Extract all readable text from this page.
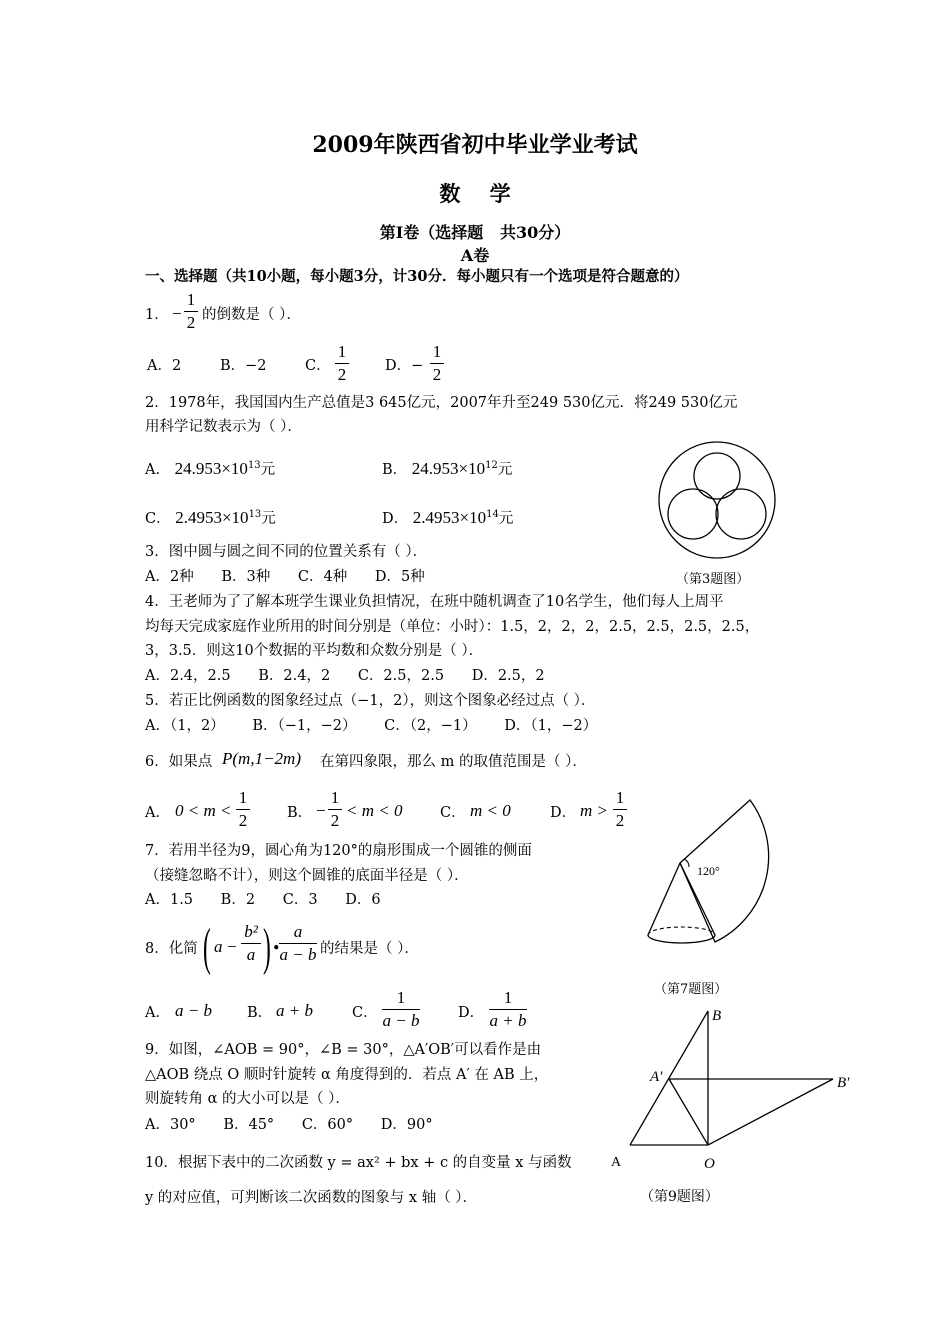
2009年陕西省初中毕业学业考试
数    学
第Ⅰ卷（选择题   共30分）
A卷
一、选择题（共10小题，每小题3分，计30分．每小题只有一个选项是符合题意的）
1． −
1
2 的倒数是（ ）．
A．2	B．−2	C．
1
2	D．−
1
2
2．1978年，我国国内生产总值是3 645亿元，2007年升至249 530亿元．将249 530亿元
用科学记数表示为（ ）．
A． $24.953\times 10^{13}$元	B． $24.953\times 10^{12}$元
C． $2.4953\times 10^{13}$元	D． $2.4953\times 10^{14}$元
（第3题图）
3．图中圆与圆之间不同的位置关系有（ ）．
A．2种      B．3种      C．4种      D．5种
4．王老师为了了解本班学生课业负担情况，在班中随机调查了10名学生，他们每人上周平
均每天完成家庭作业所用的时间分别是（单位：小时）：1.5，2，2，2，2.5，2.5，2.5，2.5，
3，3.5．则这10个数据的平均数和众数分别是（ ）．
A．2.4，2.5      B．2.4，2      C．2.5，2.5      D．2.5，2
5．若正比例函数的图象经过点（−1，2），则这个图象必经过点（ ）．
A．（1，2）      B．（−1，−2）      C．（2，−1）      D．（1，−2）
6．如果点 P(m,1−2m) 在第四象限，那么 m 的取值范围是（ ）．
A． 0 < m <
1
2	B． −
1
2
< m < 0	C． m < 0	D． m >
1
2
120°
（第7题图）
7．若用半径为9，圆心角为120°的扇形围成一个圆锥的侧面
（接缝忽略不计），则这个圆锥的底面半径是（ ）．
A．1.5      B．2      C．3      D．6
8．化简 ( a −
b²
a ) •
a
a − b 的结果是（ ）．
A． a − b B． a + b	C．
1
a − b	D．
1
a + b	B
A′	B′
A	O
（第9题图）
9．如图，∠AOB = 90°，∠B = 30°，△A′OB′可以看作是由
△AOB 绕点 O 顺时针旋转 α 角度得到的．若点 A′ 在 AB 上，
则旋转角 α 的大小可以是（ ）．
A．30°      B．45°      C．60°      D．90°
10．根据下表中的二次函数 y = ax² + bx + c 的自变量 x 与函数
y 的对应值，可判断该二次函数的图象与 x 轴（ ）．
